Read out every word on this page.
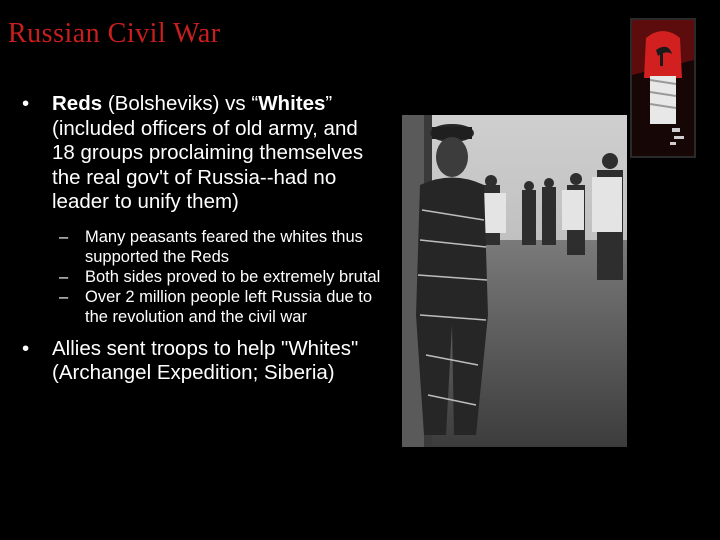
Russian Civil War
• Reds (Bolsheviks) vs “Whites” (included officers of old army, and 18 groups proclaiming themselves the real gov't of Russia--had no leader to unify them)
– Many peasants feared the whites thus supported the Reds
– Both sides proved to be extremely brutal
– Over 2 million people left Russia due to the revolution and the civil war
• Allies sent troops to help "Whites" (Archangel Expedition; Siberia)
